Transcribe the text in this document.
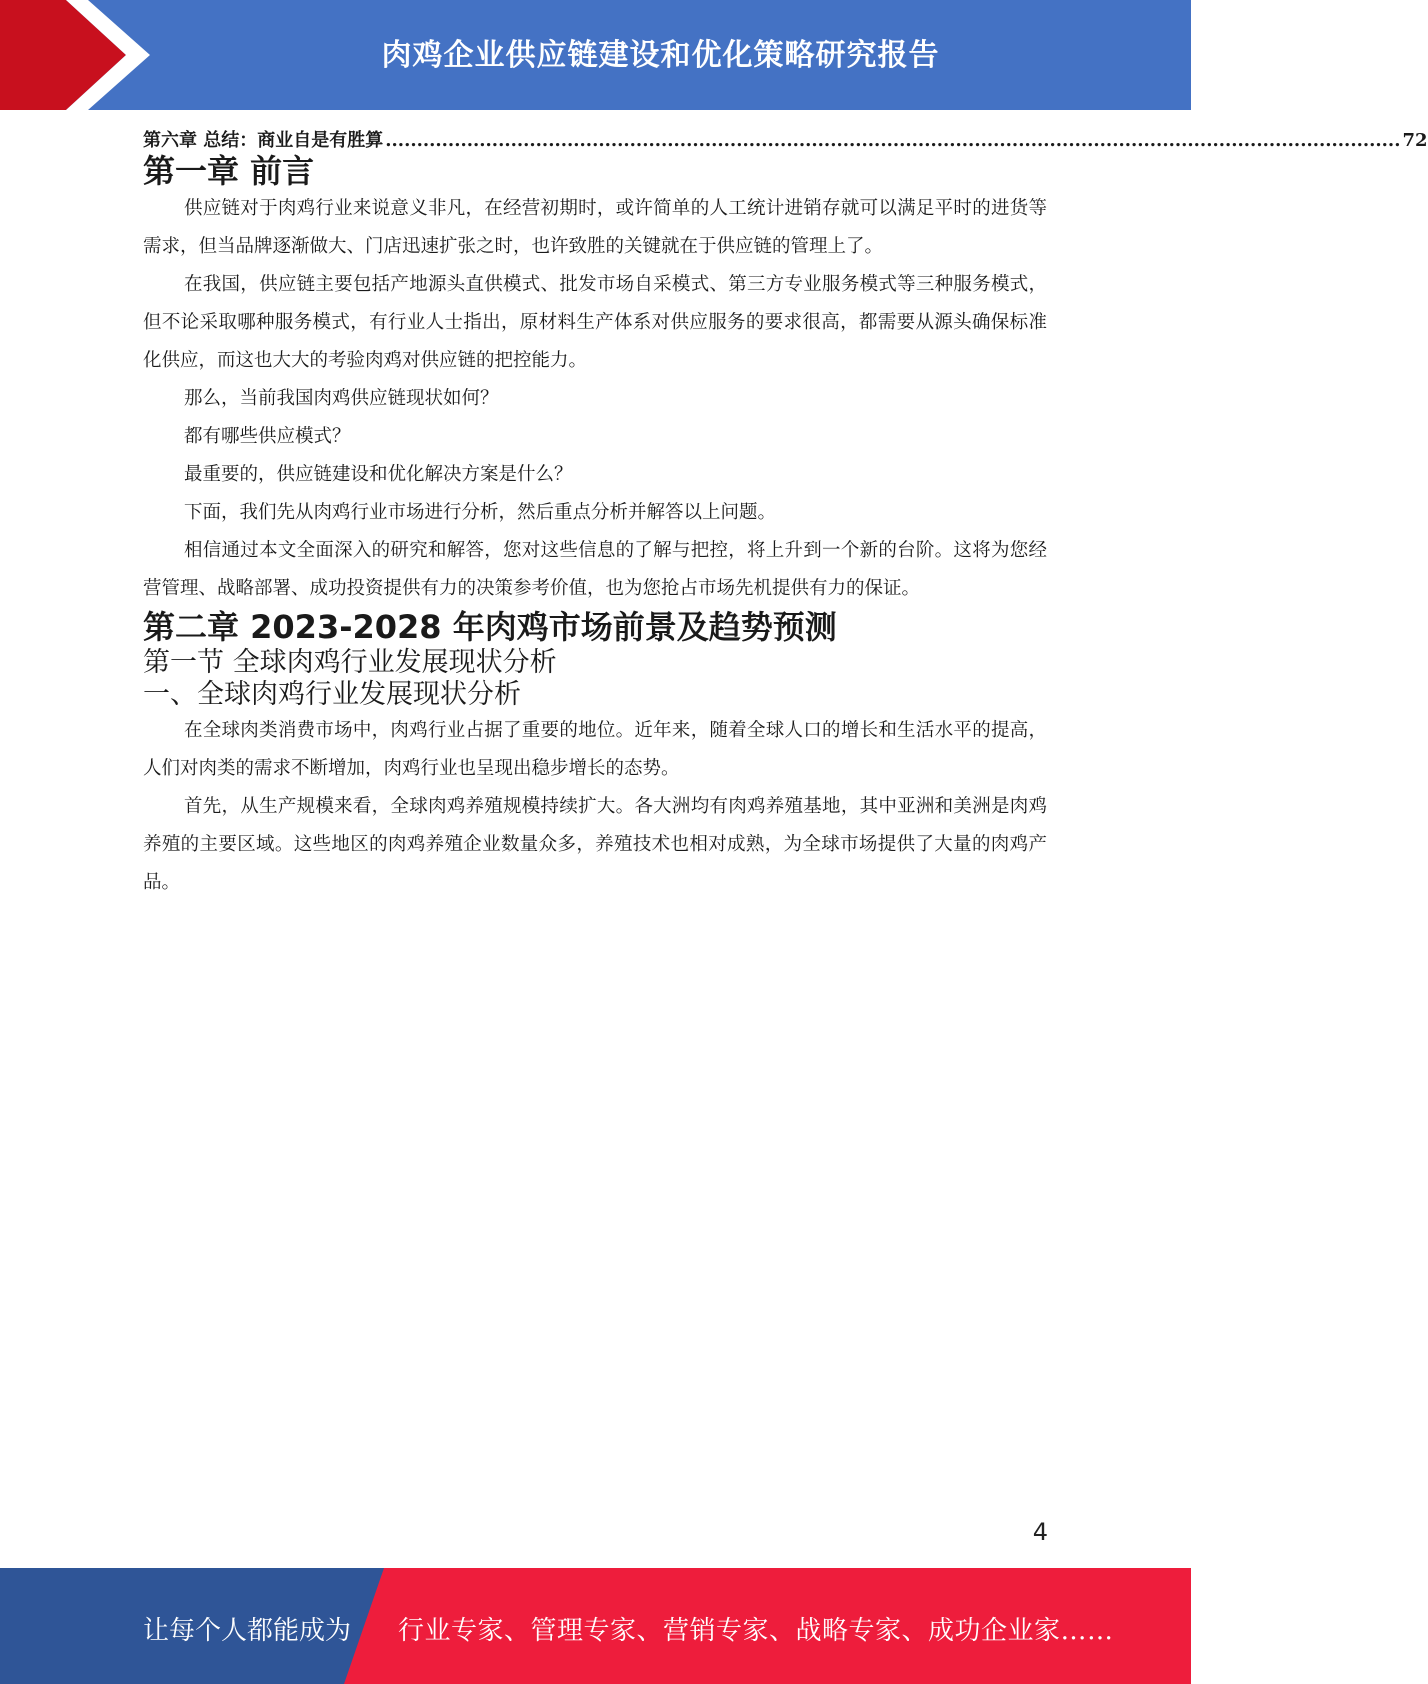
肉鸡企业供应链建设和优化策略研究报告
第六章 总结：商业自是有胜算 .................................................................................................................................................................. 72
第一章 前言

供应链对于肉鸡行业来说意义非凡，在经营初期时，或许简单的人工统计进销存就可以满足平时的进货等需求，但当品牌逐渐做大、门店迅速扩张之时，也许致胜的关键就在于供应链的管理上了。

在我国，供应链主要包括产地源头直供模式、批发市场自采模式、第三方专业服务模式等三种服务模式，但不论采取哪种服务模式，有行业人士指出，原材料生产体系对供应服务的要求很高，都需要从源头确保标准化供应，而这也大大的考验肉鸡对供应链的把控能力。

那么，当前我国肉鸡供应链现状如何？

都有哪些供应模式？

最重要的，供应链建设和优化解决方案是什么？

下面，我们先从肉鸡行业市场进行分析，然后重点分析并解答以上问题。

相信通过本文全面深入的研究和解答，您对这些信息的了解与把控，将上升到一个新的台阶。这将为您经营管理、战略部署、成功投资提供有力的决策参考价值，也为您抢占市场先机提供有力的保证。

第二章 2023-2028 年肉鸡市场前景及趋势预测
第一节 全球肉鸡行业发展现状分析
一、全球肉鸡行业发展现状分析

在全球肉类消费市场中，肉鸡行业占据了重要的地位。近年来，随着全球人口的增长和生活水平的提高，人们对肉类的需求不断增加，肉鸡行业也呈现出稳步增长的态势。

首先，从生产规模来看，全球肉鸡养殖规模持续扩大。各大洲均有肉鸡养殖基地，其中亚洲和美洲是肉鸡养殖的主要区域。这些地区的肉鸡养殖企业数量众多，养殖技术也相对成熟，为全球市场提供了大量的肉鸡产品。

4
让每个人都能成为 行业专家、管理专家、营销专家、战略专家、成功企业家……
